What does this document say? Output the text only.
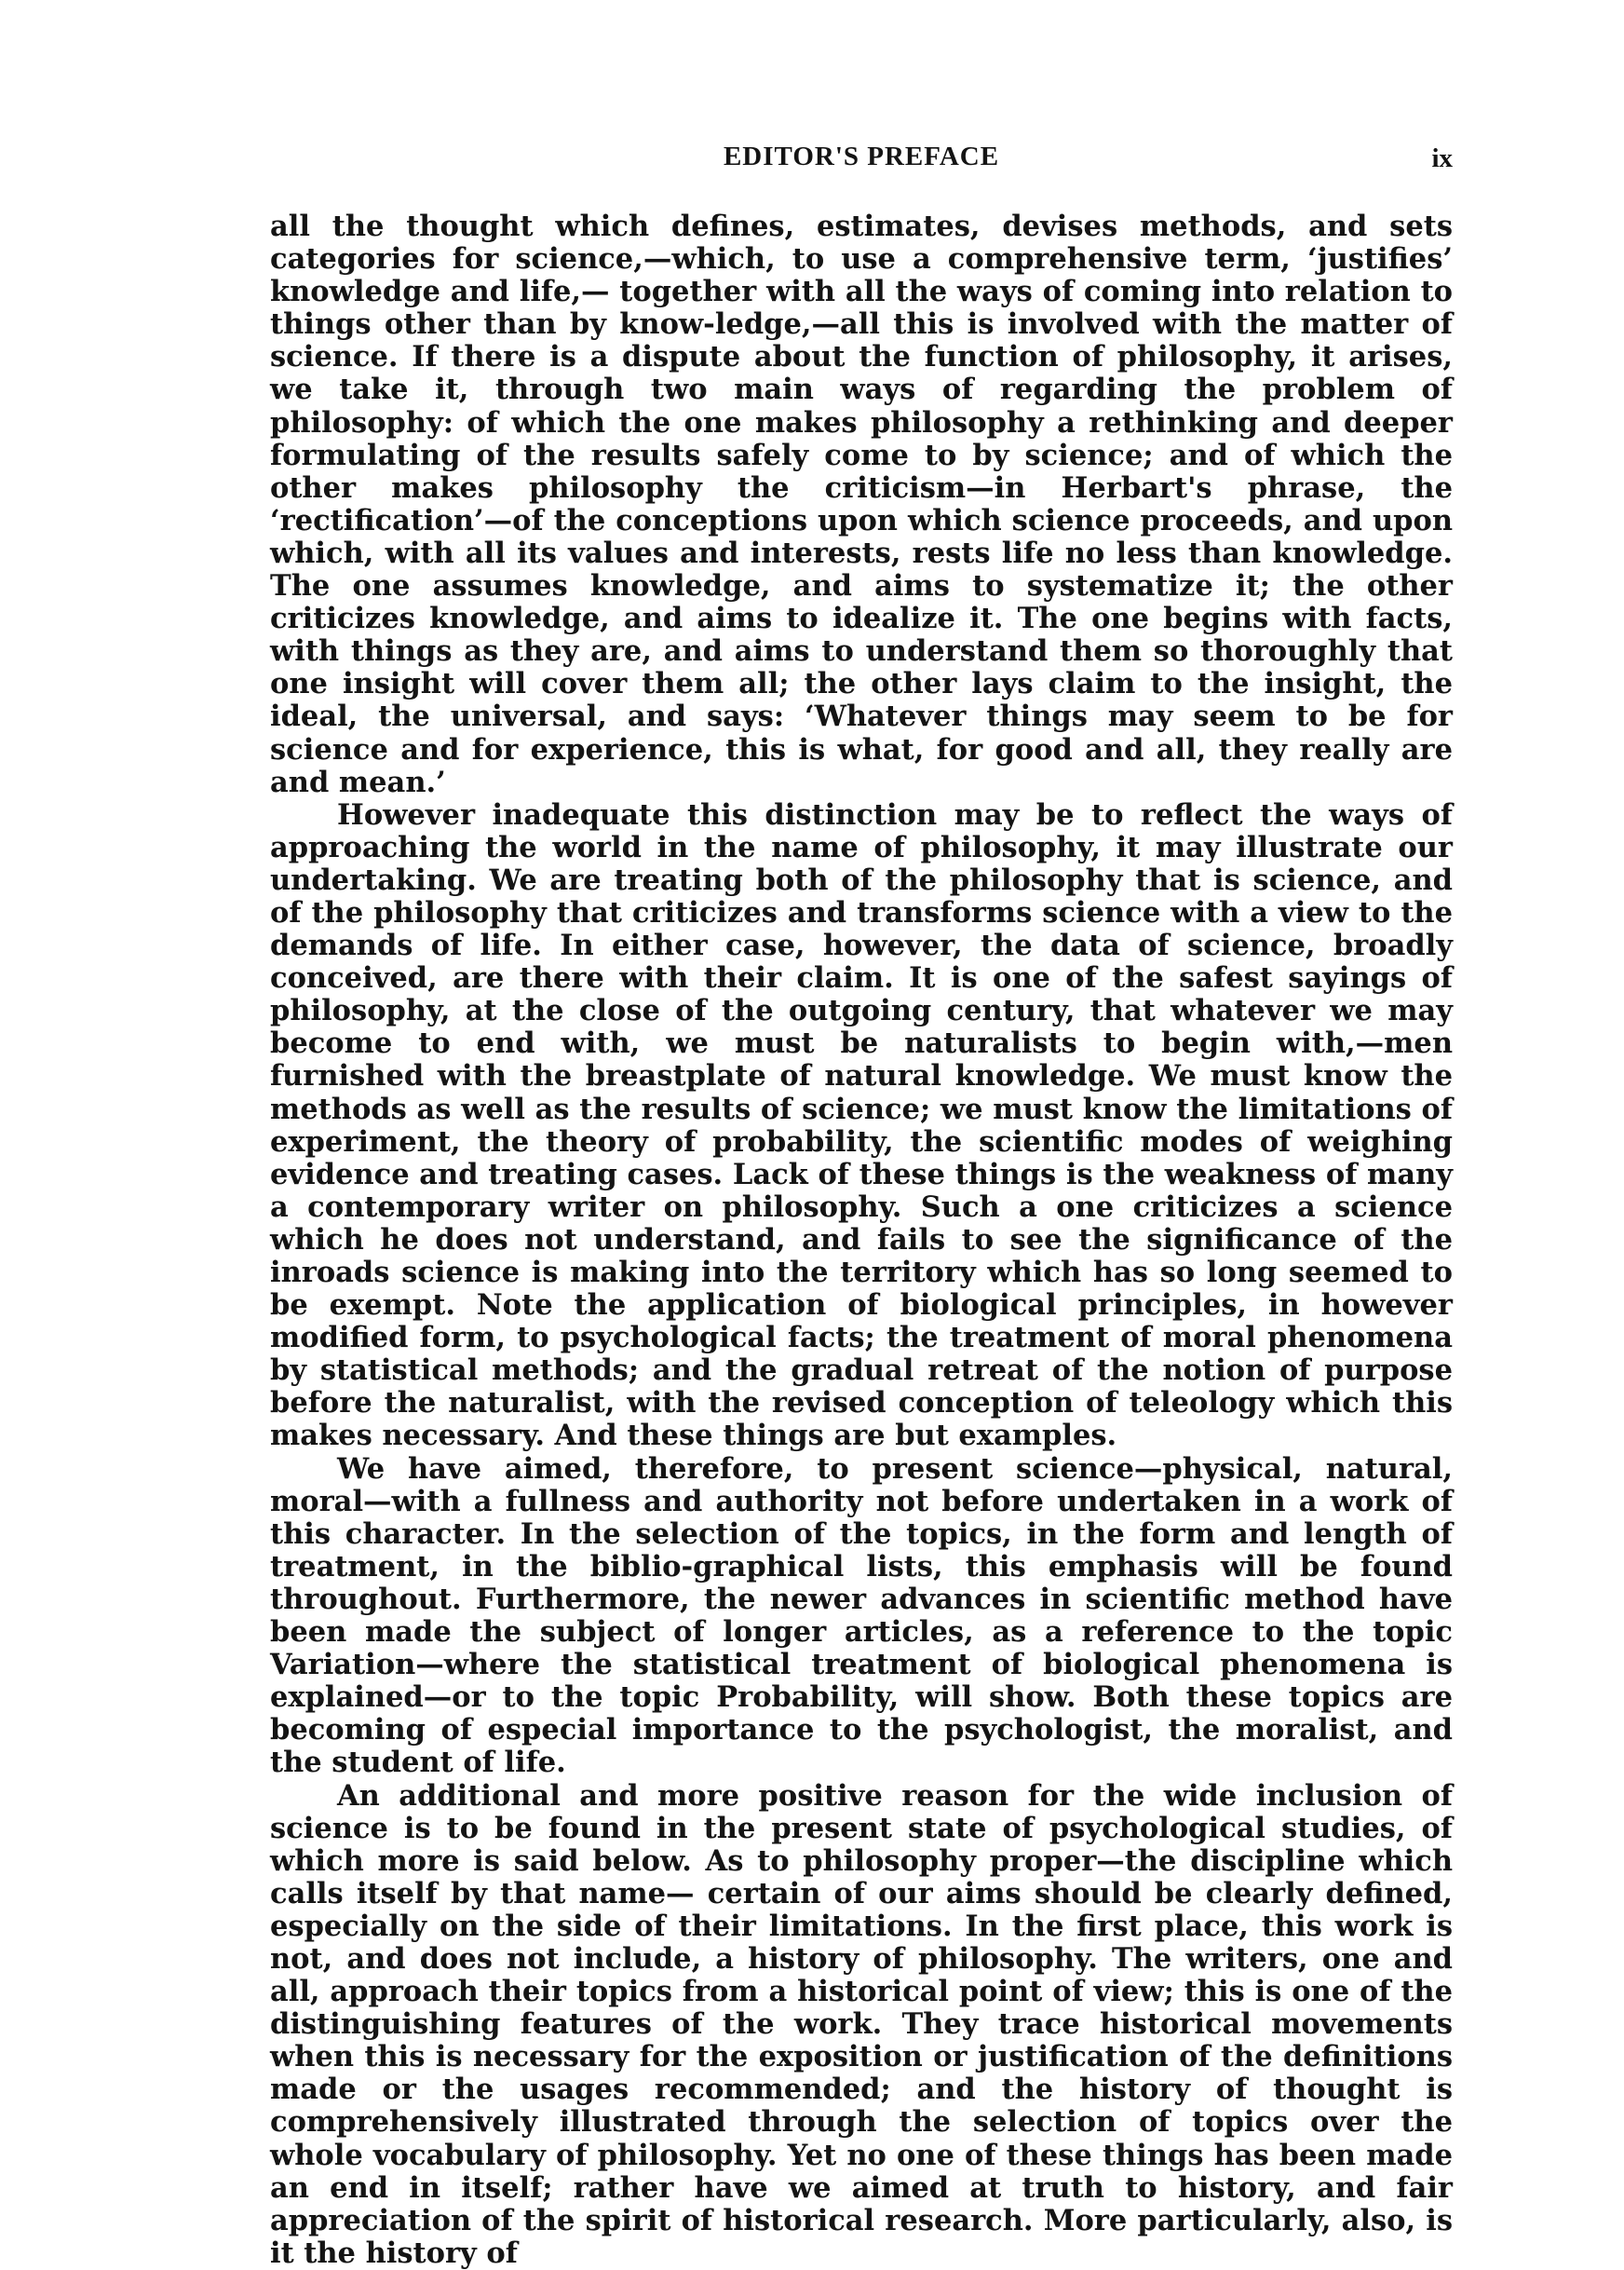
EDITOR'S PREFACE	ix

all the thought which defines, estimates, devises methods, and sets categories for science,—which, to use a comprehensive term, ‘justifies’ knowledge and life,— together with all the ways of coming into relation to things other than by know-ledge,—all this is involved with the matter of science. If there is a dispute about the function of philosophy, it arises, we take it, through two main ways of regarding the problem of philosophy: of which the one makes philosophy a rethinking and deeper formulating of the results safely come to by science; and of which the other makes philosophy the criticism—in Herbart's phrase, the ‘rectification’—of the conceptions upon which science proceeds, and upon which, with all its values and interests, rests life no less than knowledge. The one assumes knowledge, and aims to systematize it; the other criticizes knowledge, and aims to idealize it. The one begins with facts, with things as they are, and aims to understand them so thoroughly that one insight will cover them all; the other lays claim to the insight, the ideal, the universal, and says: ‘Whatever things may seem to be for science and for experience, this is what, for good and all, they really are and mean.’

However inadequate this distinction may be to reflect the ways of approaching the world in the name of philosophy, it may illustrate our undertaking. We are treating both of the philosophy that is science, and of the philosophy that criticizes and transforms science with a view to the demands of life. In either case, however, the data of science, broadly conceived, are there with their claim. It is one of the safest sayings of philosophy, at the close of the outgoing century, that whatever we may become to end with, we must be naturalists to begin with,—men furnished with the breastplate of natural knowledge. We must know the methods as well as the results of science; we must know the limitations of experiment, the theory of probability, the scientific modes of weighing evidence and treating cases. Lack of these things is the weakness of many a contemporary writer on philosophy. Such a one criticizes a science which he does not understand, and fails to see the significance of the inroads science is making into the territory which has so long seemed to be exempt. Note the application of biological principles, in however modified form, to psychological facts; the treatment of moral phenomena by statistical methods; and the gradual retreat of the notion of purpose before the naturalist, with the revised conception of teleology which this makes necessary. And these things are but examples.

We have aimed, therefore, to present science—physical, natural, moral—with a fullness and authority not before undertaken in a work of this character. In the selection of the topics, in the form and length of treatment, in the biblio-graphical lists, this emphasis will be found throughout. Furthermore, the newer advances in scientific method have been made the subject of longer articles, as a reference to the topic Variation—where the statistical treatment of biological phenomena is explained—or to the topic Probability, will show. Both these topics are becoming of especial importance to the psychologist, the moralist, and the student of life.

An additional and more positive reason for the wide inclusion of science is to be found in the present state of psychological studies, of which more is said below. As to philosophy proper—the discipline which calls itself by that name— certain of our aims should be clearly defined, especially on the side of their limitations. In the first place, this work is not, and does not include, a history of philosophy. The writers, one and all, approach their topics from a historical point of view; this is one of the distinguishing features of the work. They trace historical movements when this is necessary for the exposition or justification of the definitions made or the usages recommended; and the history of thought is comprehensively illustrated through the selection of topics over the whole vocabulary of philosophy. Yet no one of these things has been made an end in itself; rather have we aimed at truth to history, and fair appreciation of the spirit of historical research. More particularly, also, is it the history of
